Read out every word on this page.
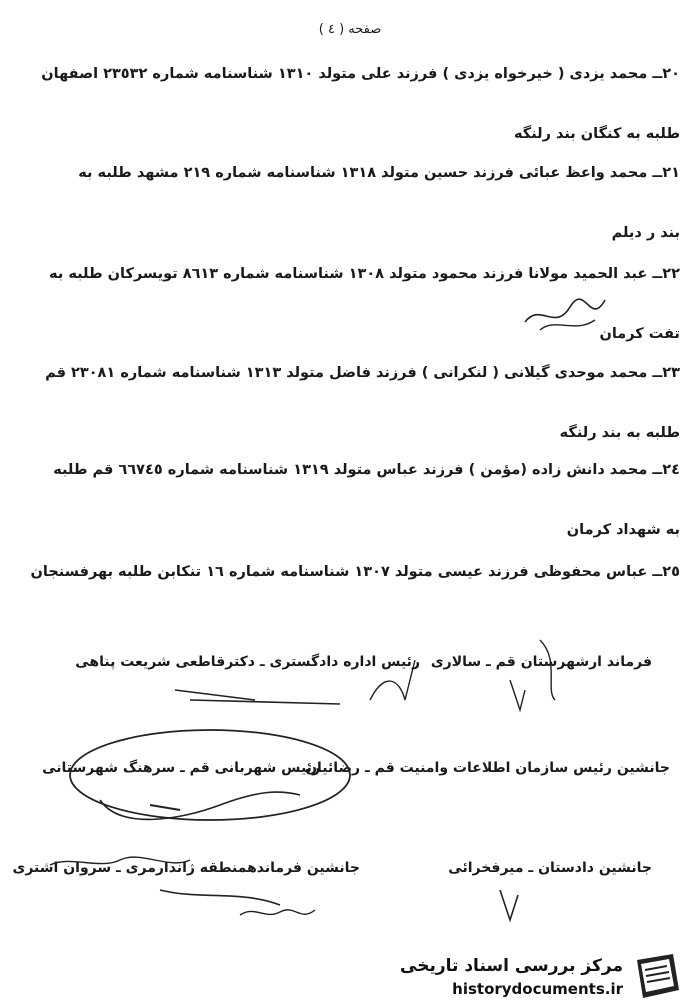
صفحه ( ٤ )
٢٠ــ محمد یزدی ( خیرخواه یزدی ) فرزند علی متولد ١٣١٠ شناسنامه شماره ٢٣٥٣٢ اصفهان
طلبه به کنگان بند رلنگه
٢١ــ محمد واعظ عبائی فرزند حسین متولد ١٣١٨ شناسنامه شماره ٢١٩ مشهد طلبه به
بند ر دیلم
٢٢ــ عبد الحمید مولانا فرزند محمود متولد ١٣٠٨ شناسنامه شماره ٨٦١٣ تویسرکان طلبه به
تفت کرمان
٢٣ــ محمد موحدی گیلانی ( لنکرانی ) فرزند فاضل متولد ١٣١٣ شناسنامه شماره ٢٣٠٨١ قم
طلبه به بند رلنگه
٢٤ــ محمد دانش زاده (مؤمن ) فرزند عباس متولد ١٣١٩ شناسنامه شماره ٦٦٧٤٥ قم طلبه
به شهداد کرمان
٢٥ــ عباس محفوظی فرزند عیسی متولد ١٣٠٧ شناسنامه شماره ١٦ تنکابن طلبه بهرفسنجان
فرماند ارشهرستان قم ـ سالاری
رئیس اداره دادگستری ـ دکترقاطعی شریعت پناهی
جانشین رئیس سازمان اطلاعات وامنیت قم ـ رضائیان
رئیس شهربانی قم ـ سرهنگ شهرستانی
جانشین دادستان ـ میرفخرائی
جانشین فرماندهمنطقه ژاندارمری ـ سروان اشتری
مرکز بررسی اسناد تاریخی
historydocuments.ir
